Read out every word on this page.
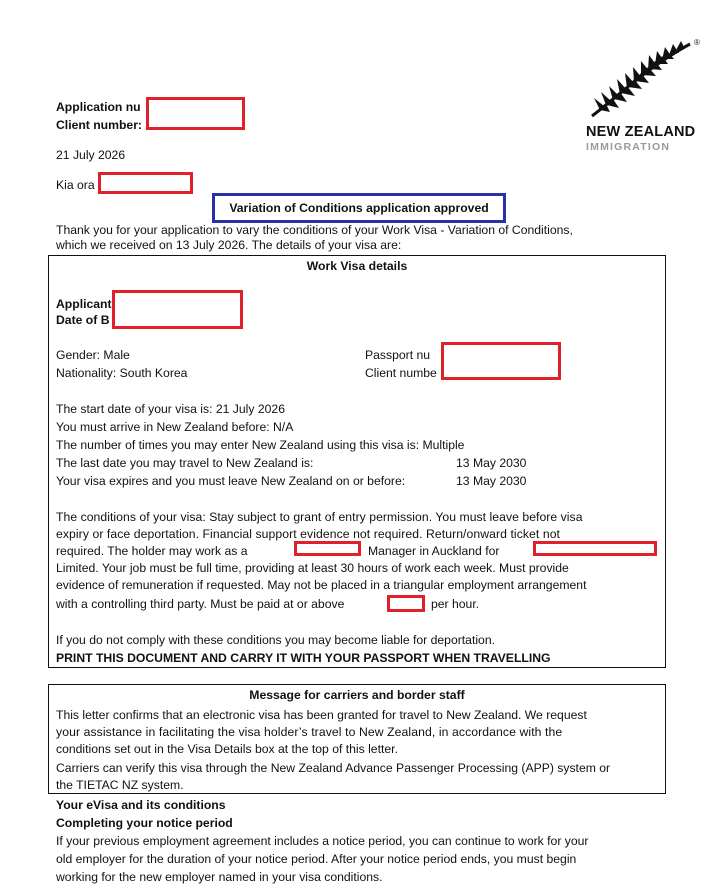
®
NEW ZEALAND
IMMIGRATION
Application nu
Client number:
21 July 2026
Kia ora
Variation of Conditions application approved
Thank you for your application to vary the conditions of your Work Visa - Variation of Conditions,
which we received on 13 July 2026. The details of your visa are:
Work Visa details
Applicant
Date of B
Gender: Male
Nationality: South Korea
Passport nu
Client numbe
The start date of your visa is: 21 July 2026
You must arrive in New Zealand before: N/A
The number of times you may enter New Zealand using this visa is: Multiple
The last date you may travel to New Zealand is:	13 May 2030
Your visa expires and you must leave New Zealand on or before:	13 May 2030
The conditions of your visa: Stay subject to grant of entry permission. You must leave before visa
expiry or face deportation. Financial support evidence not required. Return/onward ticket not
required. The holder may work as a	Manager in Auckland for
Limited. Your job must be full time, providing at least 30 hours of work each week. Must provide
evidence of remuneration if requested. May not be placed in a triangular employment arrangement
with a controlling third party. Must be paid at or above	per hour.
If you do not comply with these conditions you may become liable for deportation.
PRINT THIS DOCUMENT AND CARRY IT WITH YOUR PASSPORT WHEN TRAVELLING
Message for carriers and border staff
This letter confirms that an electronic visa has been granted for travel to New Zealand. We request
your assistance in facilitating the visa holder’s travel to New Zealand, in accordance with the
conditions set out in the Visa Details box at the top of this letter.
Carriers can verify this visa through the New Zealand Advance Passenger Processing (APP) system or
the TIETAC NZ system.
Your eVisa and its conditions
Completing your notice period
If your previous employment agreement includes a notice period, you can continue to work for your
old employer for the duration of your notice period. After your notice period ends, you must begin
working for the new employer named in your visa conditions.
